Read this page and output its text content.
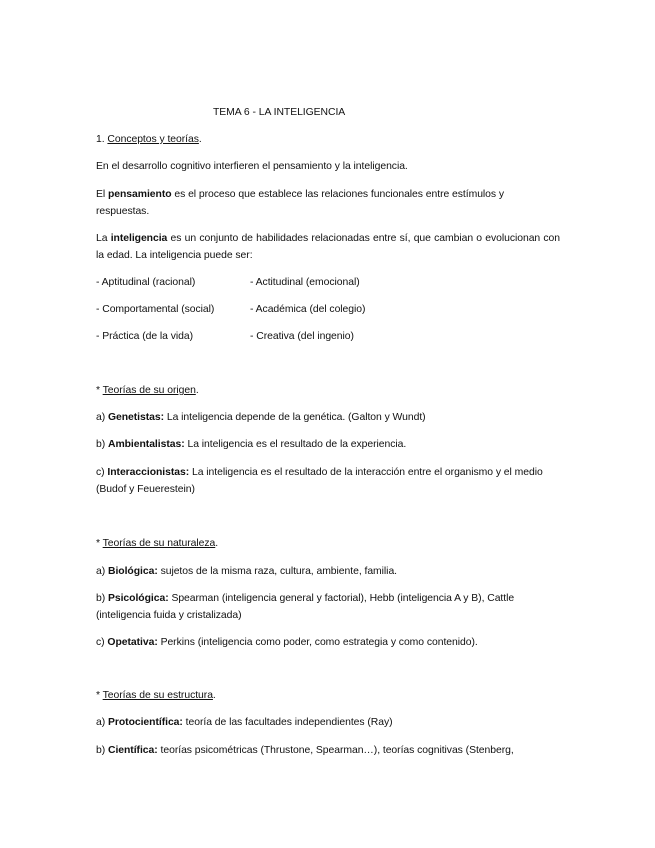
TEMA 6 - LA INTELIGENCIA
1. Conceptos y teorías.
En el desarrollo cognitivo interfieren el pensamiento y la inteligencia.
El pensamiento es el proceso que establece las relaciones funcionales entre estímulos y respuestas.
La inteligencia es un conjunto de habilidades relacionadas entre sí, que cambian o evolucionan con la edad. La inteligencia puede ser:
- Aptitudinal (racional)	- Actitudinal (emocional)
- Comportamental (social)	- Académica (del colegio)
- Práctica (de la vida)	- Creativa (del ingenio)
* Teorías de su origen.
a) Genetistas: La inteligencia depende de la genética. (Galton y Wundt)
b) Ambientalistas: La inteligencia es el resultado de la experiencia.
c) Interaccionistas: La inteligencia es el resultado de la interacción entre el organismo y el medio (Budof y Feuerestein)
* Teorías de su naturaleza.
a) Biológica: sujetos de la misma raza, cultura, ambiente, familia.
b) Psicológica: Spearman (inteligencia general y factorial), Hebb (inteligencia A y B), Cattle (inteligencia fuida y cristalizada)
c) Opetativa: Perkins (inteligencia como poder, como estrategia y como contenido).
* Teorías de su estructura.
a) Protocientífica: teoría de las facultades independientes (Ray)
b) Científica: teorías psicométricas (Thrustone, Spearman…), teorías cognitivas (Stenberg,
